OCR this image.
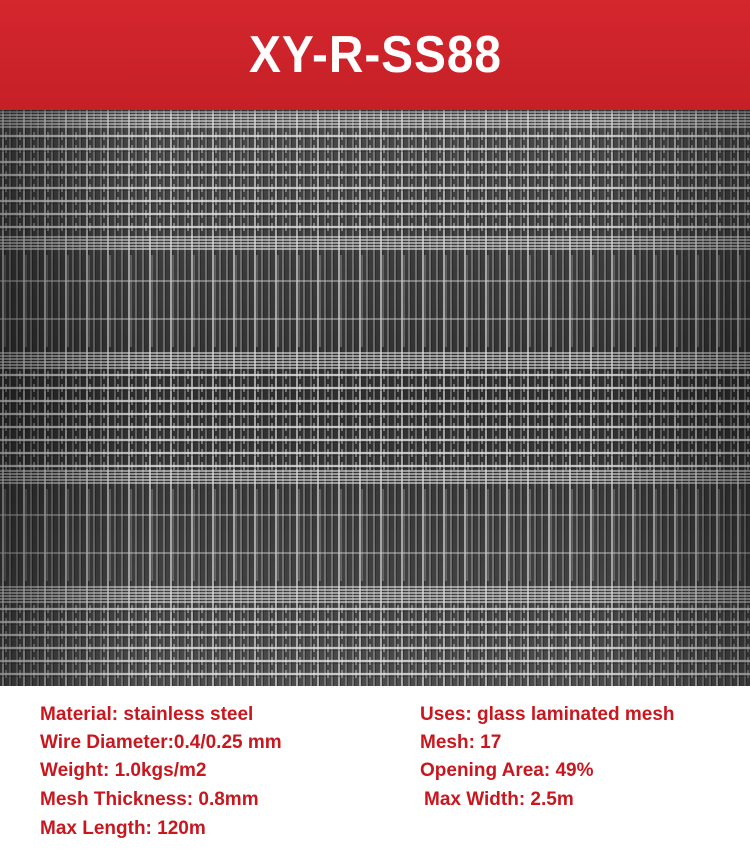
XY-R-SS88

Material: stainless steel

Wire Diameter:0.4/0.25 mm

Weight: 1.0kgs/m2

Mesh Thickness: 0.8mm

Max Length: 120m

Uses: glass laminated mesh

Mesh: 17

Opening Area: 49%

Max Width: 2.5m
